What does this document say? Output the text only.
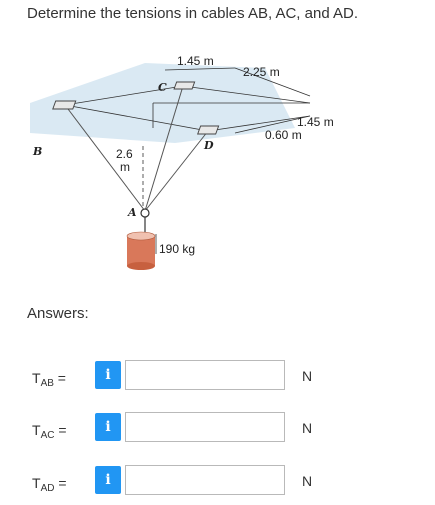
Determine the tensions in cables AB, AC, and AD.

1.45 m
2.25 m
1.45 m
0.60 m
2.6
m
B
C
D
A
190 kg
Answers:
$T_{AB}$ =	i	N
$T_{AC}$ =	i	N
$T_{AD}$ =	i	N
